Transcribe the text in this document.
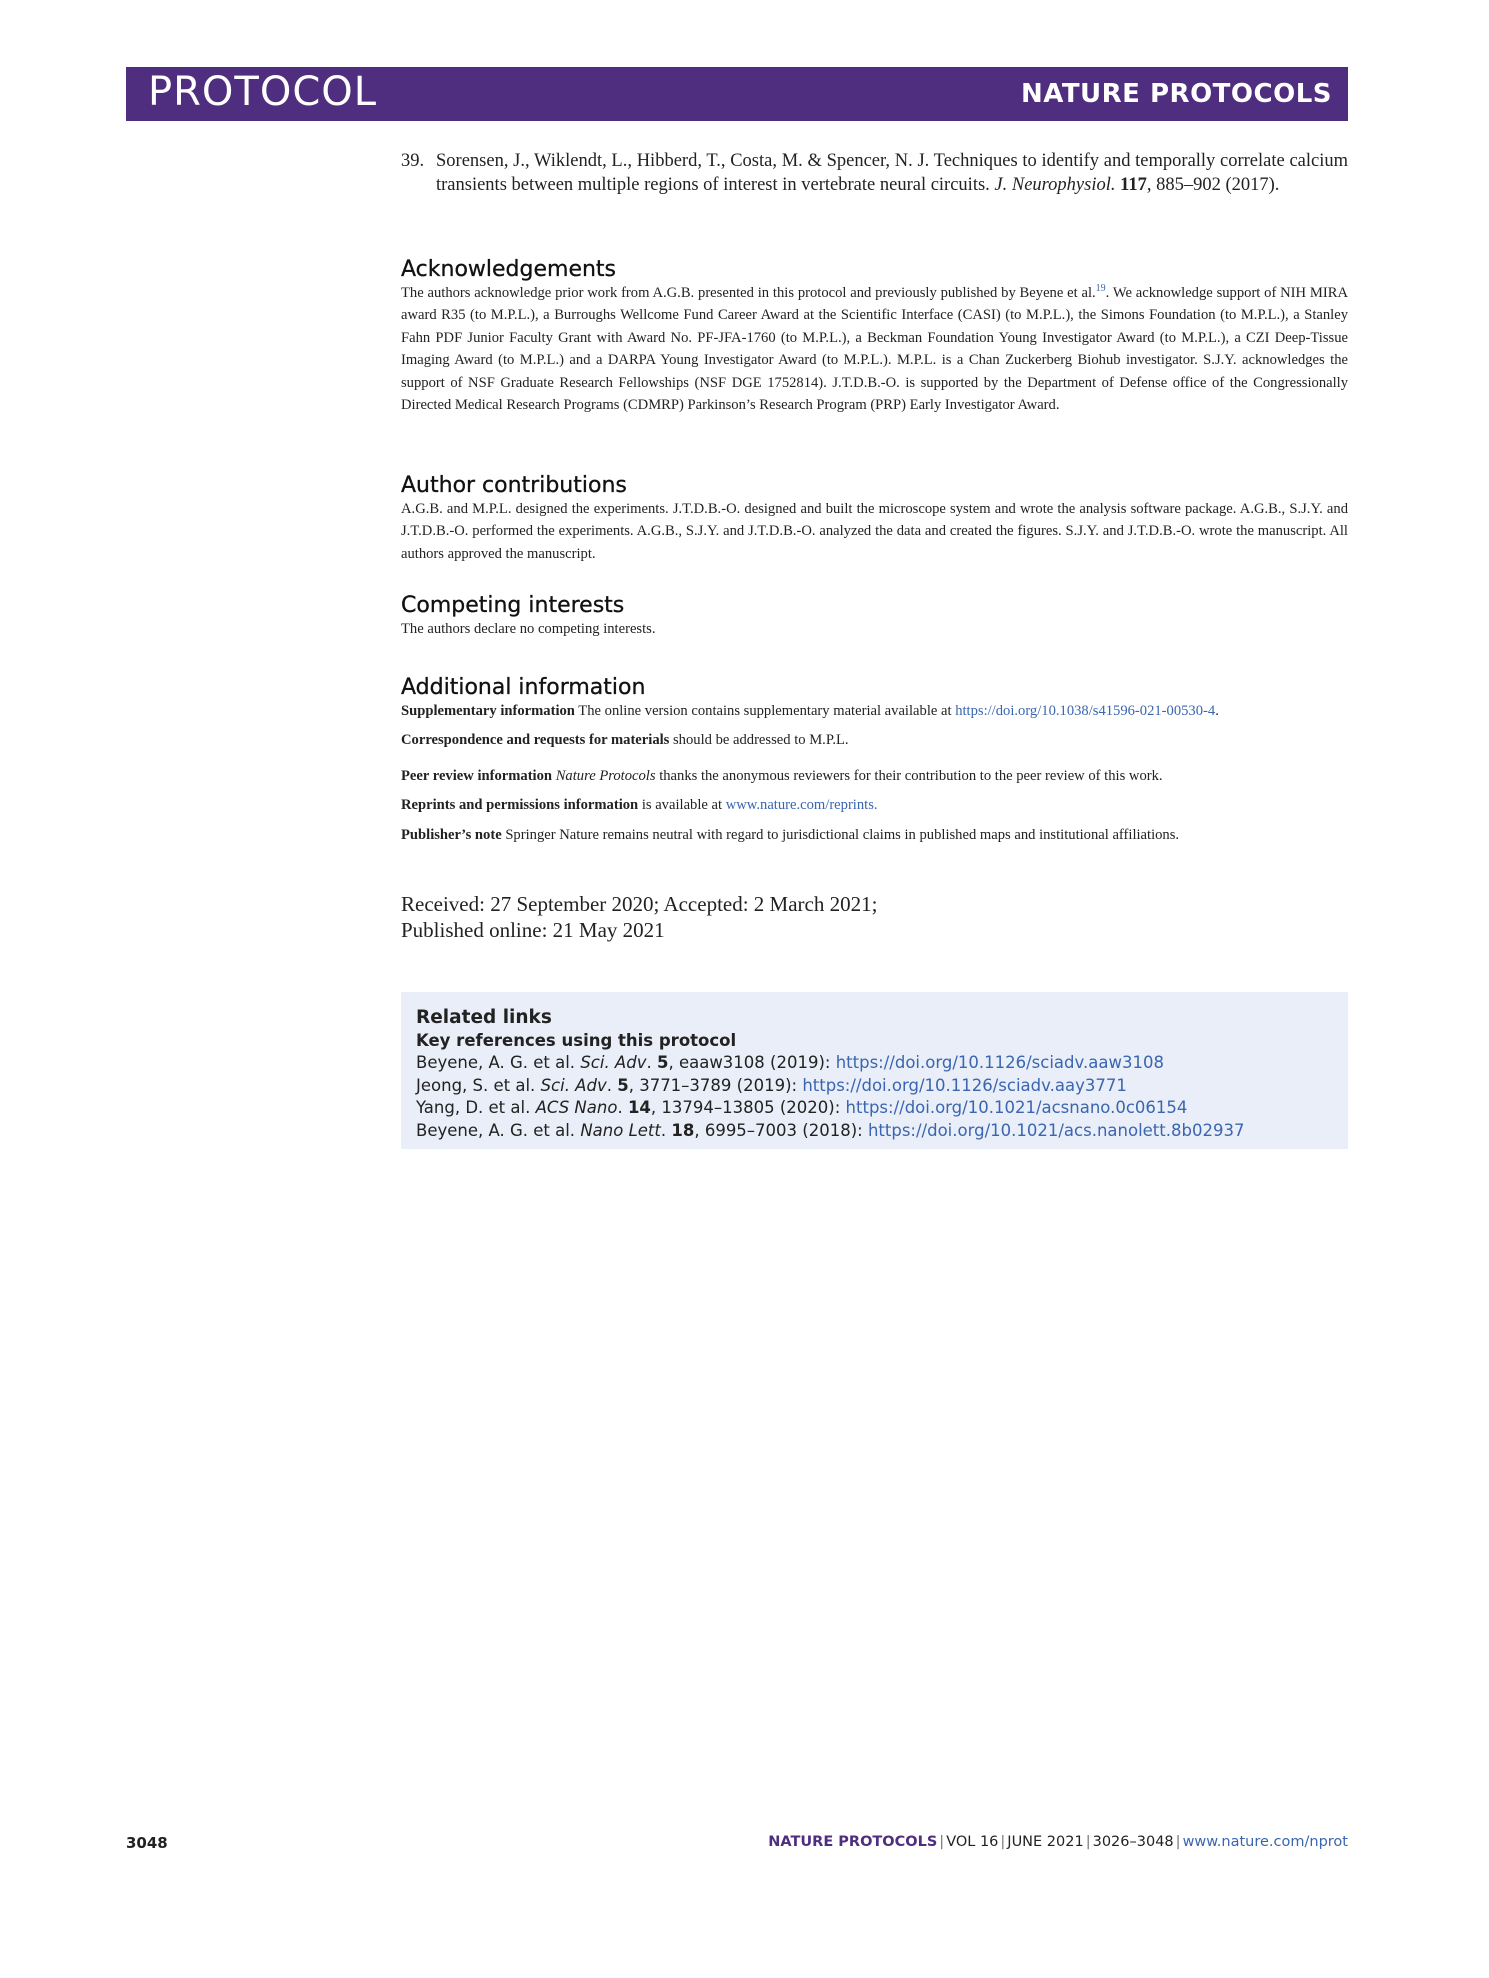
PROTOCOL	NATURE PROTOCOLS
39. Sorensen, J., Wiklendt, L., Hibberd, T., Costa, M. & Spencer, N. J. Techniques to identify and temporally correlate calcium transients between multiple regions of interest in vertebrate neural circuits. J. Neurophysiol. 117, 885–902 (2017).
Acknowledgements

The authors acknowledge prior work from A.G.B. presented in this protocol and previously published by Beyene et al.$^{19}$. We acknowledge support of NIH MIRA award R35 (to M.P.L.), a Burroughs Wellcome Fund Career Award at the Scientific Interface (CASI) (to M.P.L.), the Simons Foundation (to M.P.L.), a Stanley Fahn PDF Junior Faculty Grant with Award No. PF-JFA-1760 (to M.P.L.), a Beckman Foundation Young Investigator Award (to M.P.L.), a CZI Deep-Tissue Imaging Award (to M.P.L.) and a DARPA Young Investigator Award (to M.P.L.). M.P.L. is a Chan Zuckerberg Biohub investigator. S.J.Y. acknowledges the support of NSF Graduate Research Fellowships (NSF DGE 1752814). J.T.D.B.-O. is supported by the Department of Defense office of the Congressionally Directed Medical Research Programs (CDMRP) Parkinson’s Research Program (PRP) Early Investigator Award.

Author contributions

A.G.B. and M.P.L. designed the experiments. J.T.D.B.-O. designed and built the microscope system and wrote the analysis software package. A.G.B., S.J.Y. and J.T.D.B.-O. performed the experiments. A.G.B., S.J.Y. and J.T.D.B.-O. analyzed the data and created the figures. S.J.Y. and J.T.D.B.-O. wrote the manuscript. All authors approved the manuscript.

Competing interests

The authors declare no competing interests.

Additional information

Supplementary information The online version contains supplementary material available at https://doi.org/10.1038/s41596-021-00530-4.

Correspondence and requests for materials should be addressed to M.P.L.

Peer review information Nature Protocols thanks the anonymous reviewers for their contribution to the peer review of this work.

Reprints and permissions information is available at www.nature.com/reprints.

Publisher’s note Springer Nature remains neutral with regard to jurisdictional claims in published maps and institutional affiliations.

Received: 27 September 2020; Accepted: 2 March 2021;
Published online: 21 May 2021
Related links
Key references using this protocol
Beyene, A. G. et al. Sci. Adv. 5, eaaw3108 (2019): https://doi.org/10.1126/sciadv.aaw3108
Jeong, S. et al. Sci. Adv. 5, 3771–3789 (2019): https://doi.org/10.1126/sciadv.aay3771
Yang, D. et al. ACS Nano. 14, 13794–13805 (2020): https://doi.org/10.1021/acsnano.0c06154
Beyene, A. G. et al. Nano Lett. 18, 6995–7003 (2018): https://doi.org/10.1021/acs.nanolett.8b02937
3048	NATURE PROTOCOLS | VOL 16 | JUNE 2021 | 3026–3048 | www.nature.com/nprot
